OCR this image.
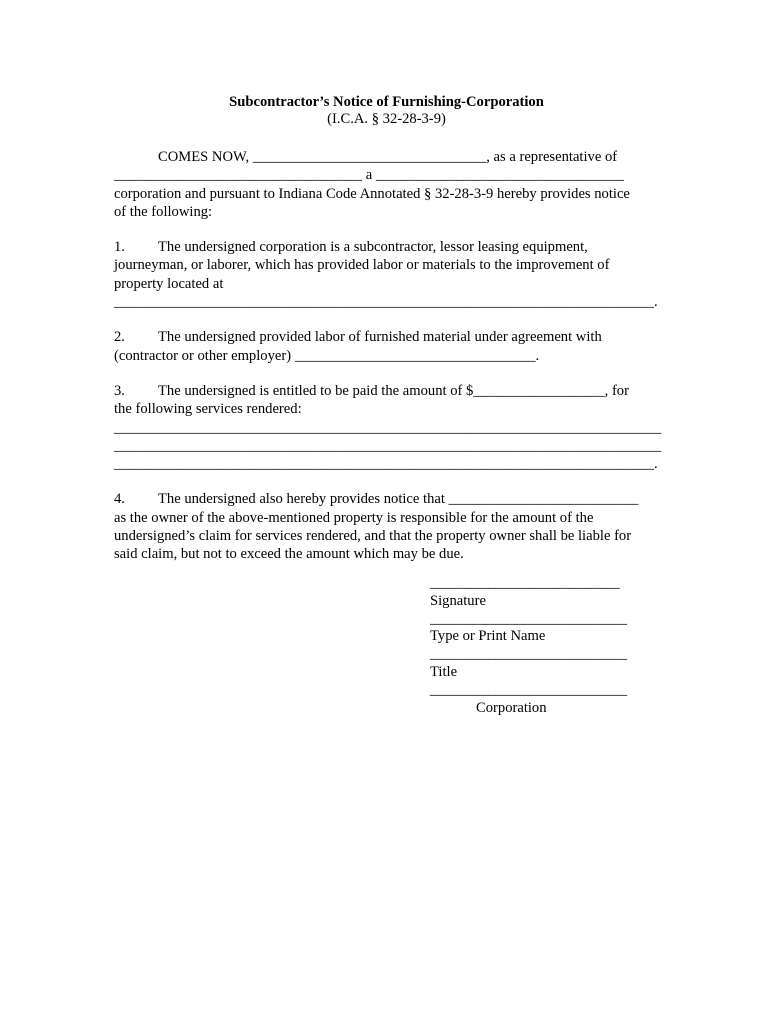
Subcontractor’s Notice of Furnishing-Corporation
(I.C.A. § 32-28-3-9)

COMES NOW, ________________________________, as a representative of

__________________________________ a __________________________________

corporation and pursuant to Indiana Code Annotated § 32-28-3-9 hereby provides notice

of the following:

1. The undersigned corporation is a subcontractor, lessor leasing equipment,

journeyman, or laborer, which has provided labor or materials to the improvement of

property located at

__________________________________________________________________________.

2. The undersigned provided labor of furnished material under agreement with

(contractor or other employer) _________________________________.

3. The undersigned is entitled to be paid the amount of $__________________, for

the following services rendered:

___________________________________________________________________________

___________________________________________________________________________

__________________________________________________________________________.

4. The undersigned also hereby provides notice that __________________________

as the owner of the above-mentioned property is responsible for the amount of the

undersigned’s claim for services rendered, and that the property owner shall be liable for

said claim, but not to exceed the amount which may be due.

__________________________
Signature
___________________________
Type or Print Name
___________________________
Title
___________________________
Corporation
